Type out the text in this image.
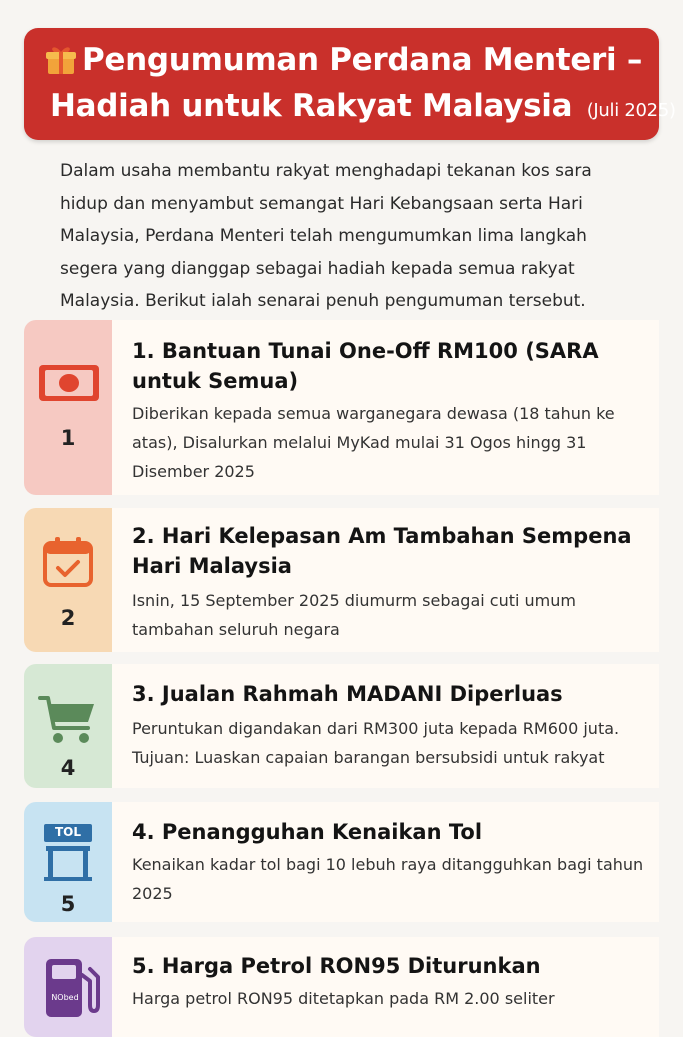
Pengumuman Perdana Menteri –
Hadiah untuk Rakyat Malaysia (Juli 2025)
Dalam usaha membantu rakyat menghadapi tekanan kos sara hidup dan menyambut semangat Hari Kebangsaan serta Hari Malaysia, Perdana Menteri telah mengumumkan lima langkah segera yang dianggap sebagai hadiah kepada semua rakyat Malaysia. Berikut ialah senarai penuh pengumuman tersebut.
1
1. Bantuan Tunai One-Off RM100 (SARA untuk Semua)
Diberikan kepada semua warganegara dewasa (18 tahun ke atas), Disalurkan melalui MyKad mulai 31 Ogos hingg 31 Disember 2025
2
2. Hari Kelepasan Am Tambahan Sempena Hari Malaysia
Isnin, 15 September 2025 diumurm sebagai cuti umum tambahan seluruh negara
4
3. Jualan Rahmah MADANI Diperluas
Peruntukan digandakan dari RM300 juta kepada RM600 juta. Tujuan: Luaskan capaian barangan bersubsidi untuk rakyat
TOL
5
4. Penangguhan Kenaikan Tol
Kenaikan kadar tol bagi 10 lebuh raya ditangguhkan bagi tahun 2025
NObed
5. Harga Petrol RON95 Diturunkan
Harga petrol RON95 ditetapkan pada RM 2.00 seliter
